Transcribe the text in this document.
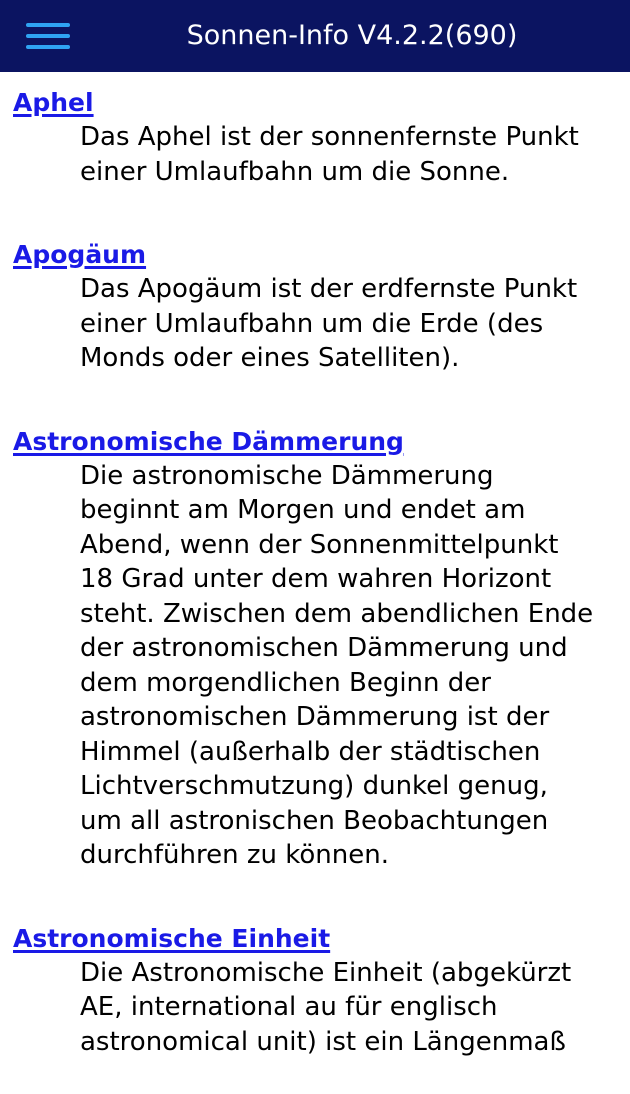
Sonnen-Info V4.2.2(690)
Aphel
Das Aphel ist der sonnenfernste Punkt
einer Umlaufbahn um die Sonne.
Apogäum
Das Apogäum ist der erdfernste Punkt
einer Umlaufbahn um die Erde (des
Monds oder eines Satelliten).
Astronomische Dämmerung
Die astronomische Dämmerung
beginnt am Morgen und endet am
Abend, wenn der Sonnenmittelpunkt
18 Grad unter dem wahren Horizont
steht. Zwischen dem abendlichen Ende
der astronomischen Dämmerung und
dem morgendlichen Beginn der
astronomischen Dämmerung ist der
Himmel (außerhalb der städtischen
Lichtverschmutzung) dunkel genug,
um all astronischen Beobachtungen
durchführen zu können.
Astronomische Einheit
Die Astronomische Einheit (abgekürzt
AE, international au für englisch
astronomical unit) ist ein Längenmaß
